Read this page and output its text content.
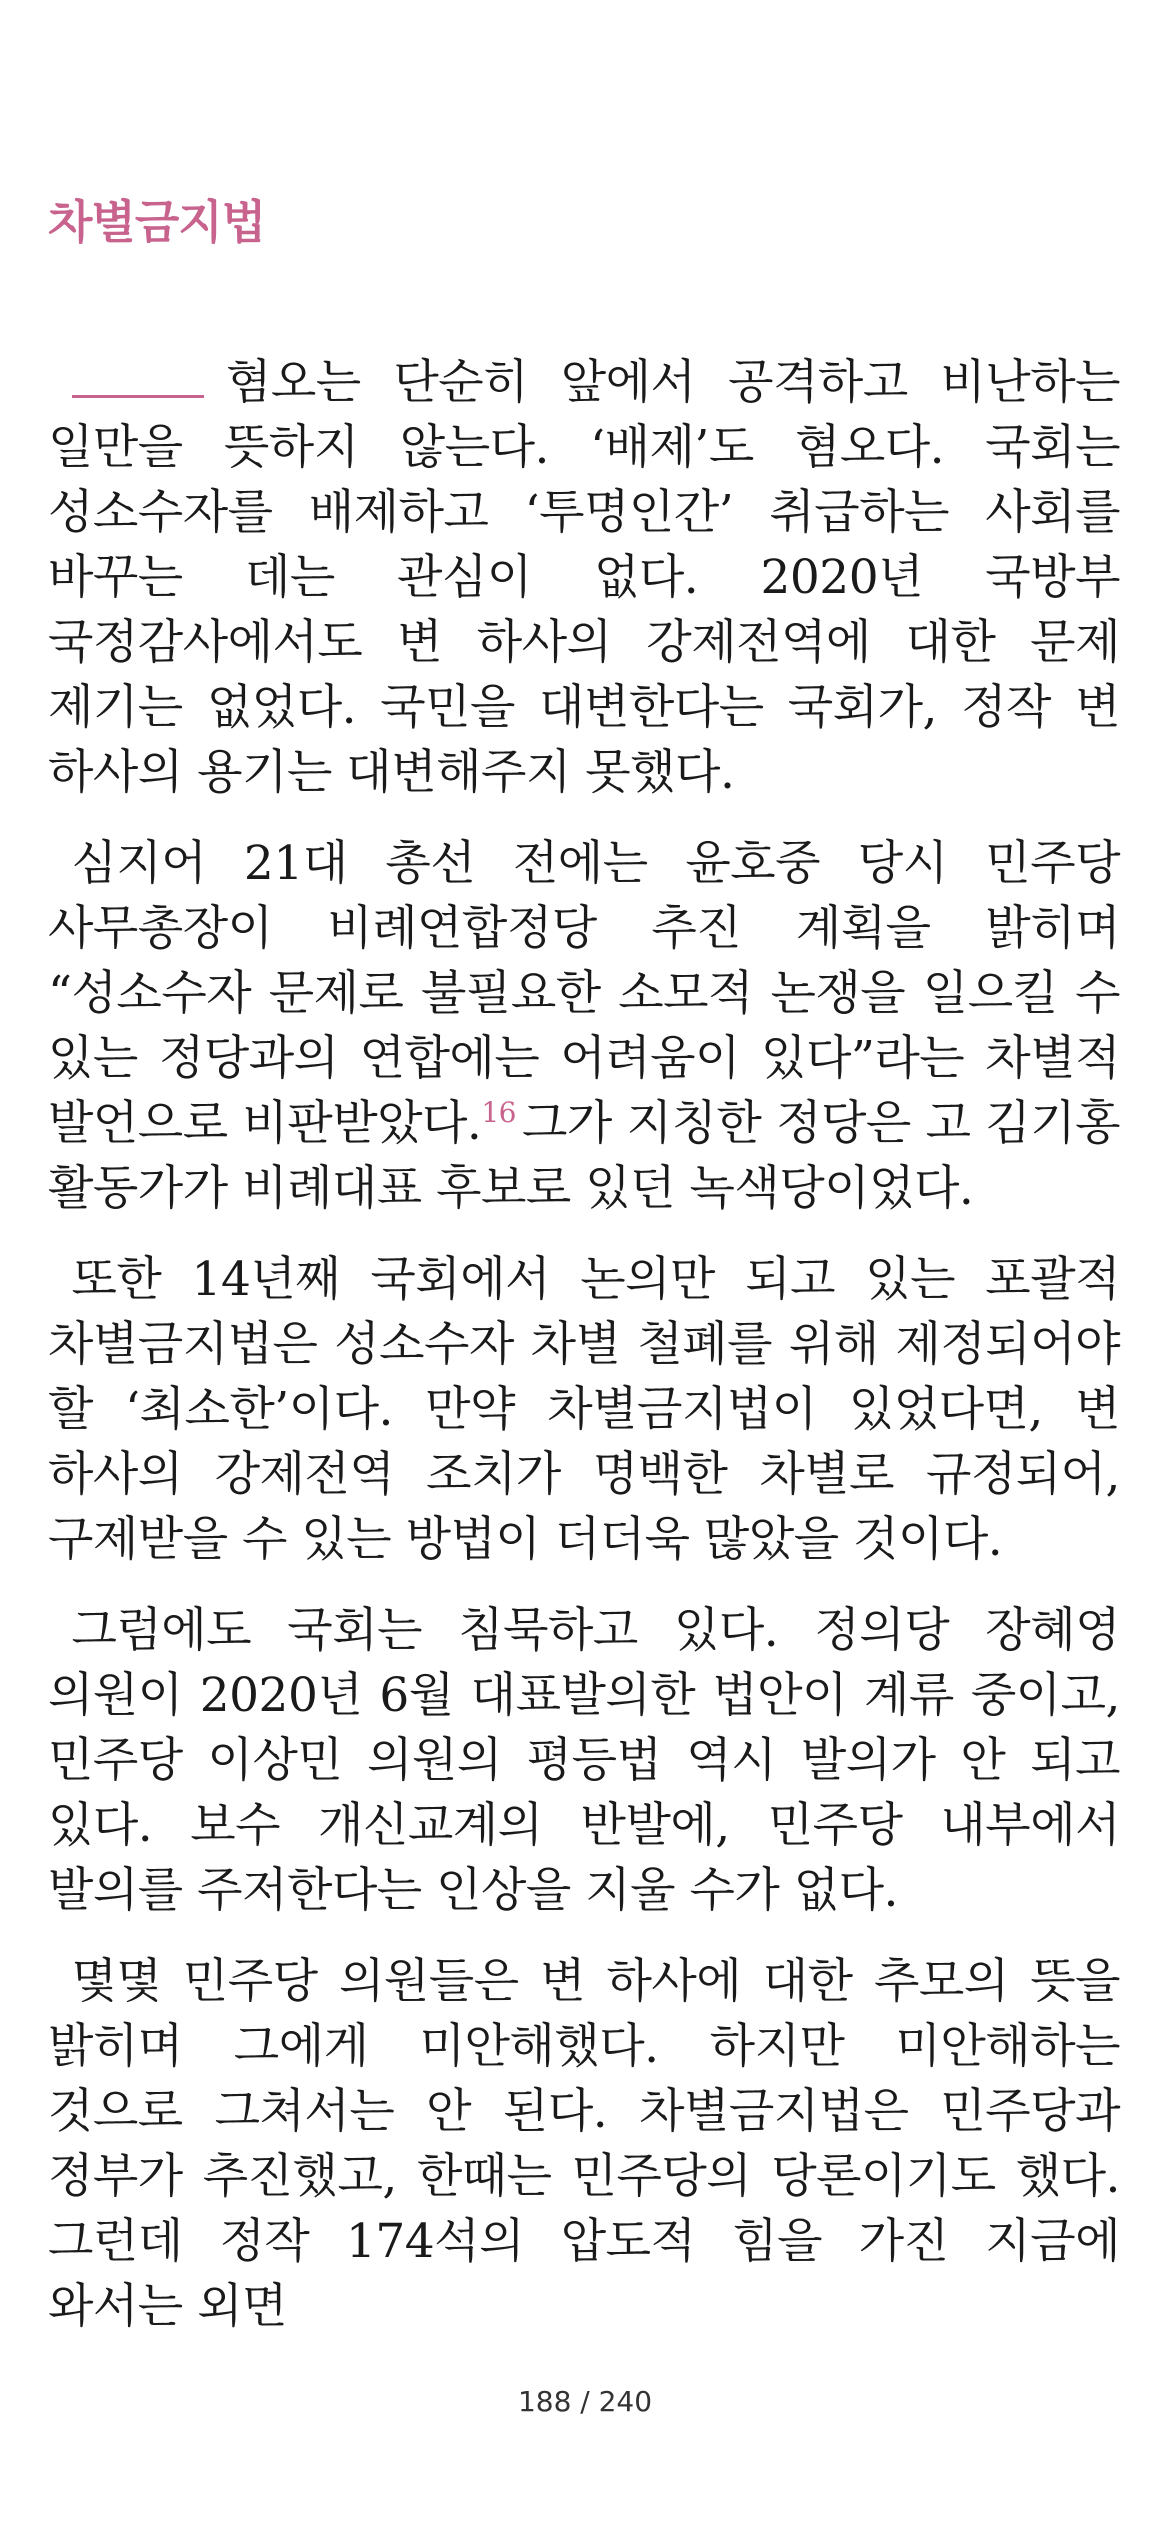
차별금지법

혐오는 단순히 앞에서 공격하고 비난하는 일만을 뜻하지 않는다. ‘배제’도 혐오다. 국회는 성소수자를 배제하고 ‘투명인간’ 취급하는 사회를 바꾸는 데는 관심이 없다. 2020년 국방부 국정감사에서도 변 하사의 강제전역에 대한 문제 제기는 없었다. 국민을 대변한다는 국회가, 정작 변 하사의 용기는 대변해주지 못했다.

심지어 21대 총선 전에는 윤호중 당시 민주당 사무총장이 비례연합정당 추진 계획을 밝히며 “성소수자 문제로 불필요한 소모적 논쟁을 일으킬 수 있는 정당과의 연합에는 어려움이 있다”라는 차별적 발언으로 비판받았다.$^{16}$ 그가 지칭한 정당은 고 김기홍 활동가가 비례대표 후보로 있던 녹색당이었다.

또한 14년째 국회에서 논의만 되고 있는 포괄적 차별금지법은 성소수자 차별 철폐를 위해 제정되어야 할 ‘최소한’이다. 만약 차별금지법이 있었다면, 변 하사의 강제전역 조치가 명백한 차별로 규정되어, 구제받을 수 있는 방법이 더더욱 많았을 것이다.

그럼에도 국회는 침묵하고 있다. 정의당 장혜영 의원이 2020년 6월 대표발의한 법안이 계류 중이고, 민주당 이상민 의원의 평등법 역시 발의가 안 되고 있다. 보수 개신교계의 반발에, 민주당 내부에서 발의를 주저한다는 인상을 지울 수가 없다.

몇몇 민주당 의원들은 변 하사에 대한 추모의 뜻을 밝히며 그에게 미안해했다. 하지만 미안해하는 것으로 그쳐서는 안 된다. 차별금지법은 민주당과 정부가 추진했고, 한때는 민주당의 당론이기도 했다. 그런데 정작 174석의 압도적 힘을 가진 지금에 와서는 외면

188 / 240
